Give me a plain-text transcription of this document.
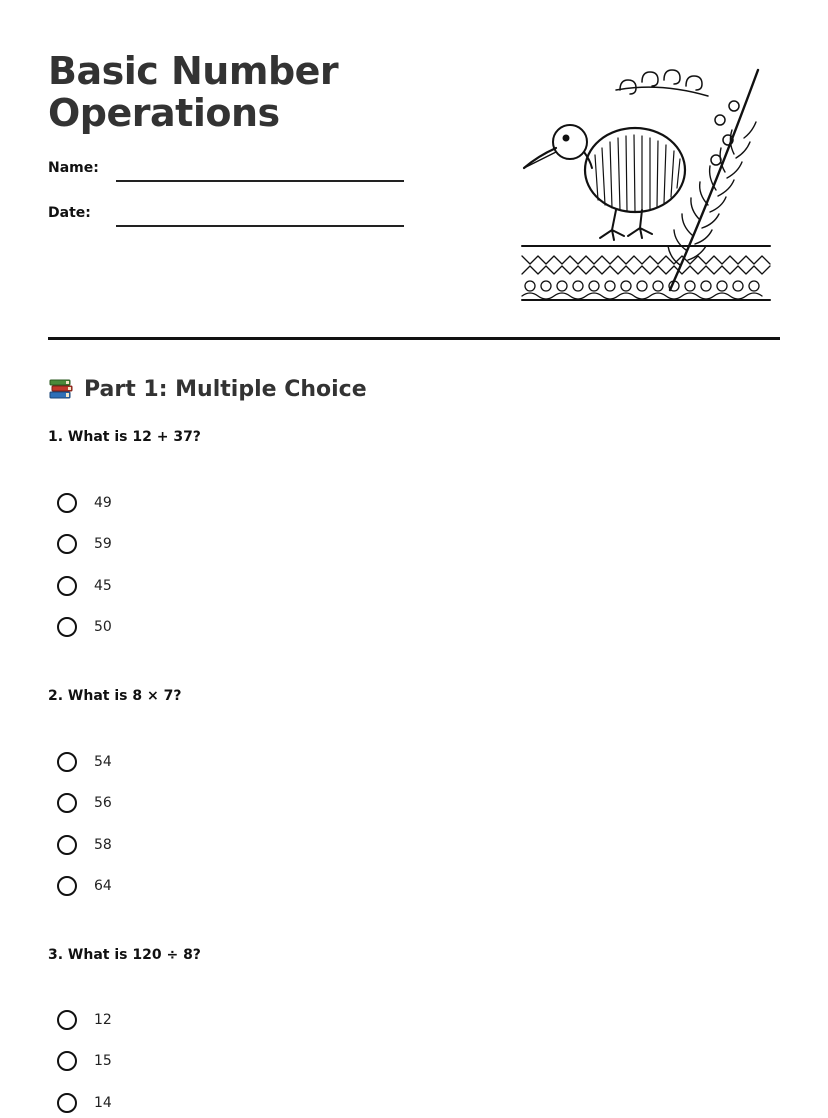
Basic Number
Operations
Name:
Date:
Part 1: Multiple Choice
1. What is 12 + 37?
49
59
45
50
2. What is 8 × 7?
54
56
58
64
3. What is 120 ÷ 8?
12
15
14
